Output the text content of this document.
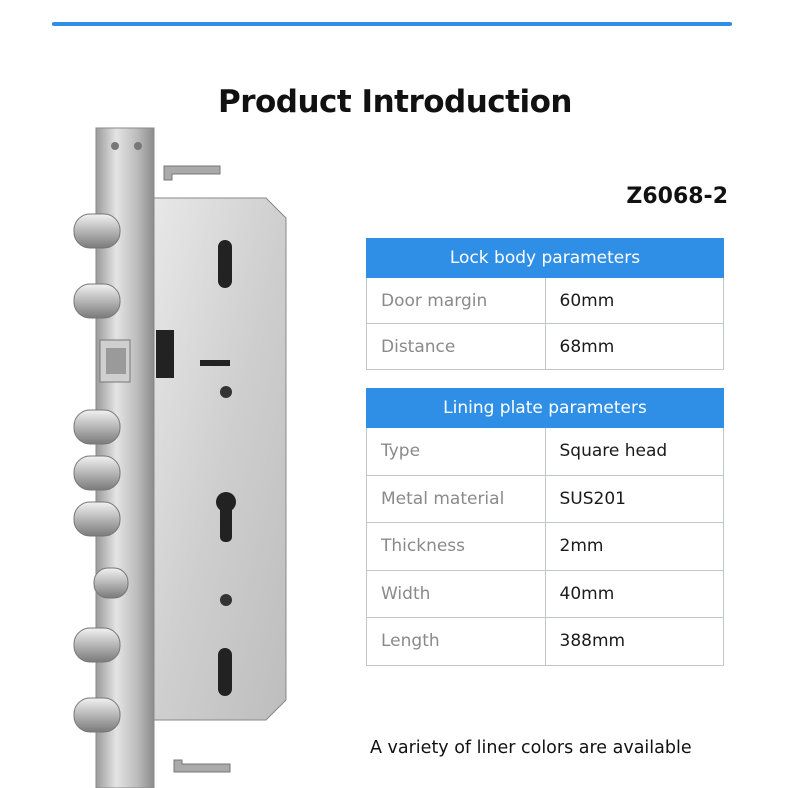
Product Introduction
Z6068-2
Lock body parameters	
Door margin	60mm
Distance	68mm
Lining plate parameters	
Type	Square head
Metal material	SUS201
Thickness	2mm
Width	40mm
Length	388mm
A variety of liner colors are available
